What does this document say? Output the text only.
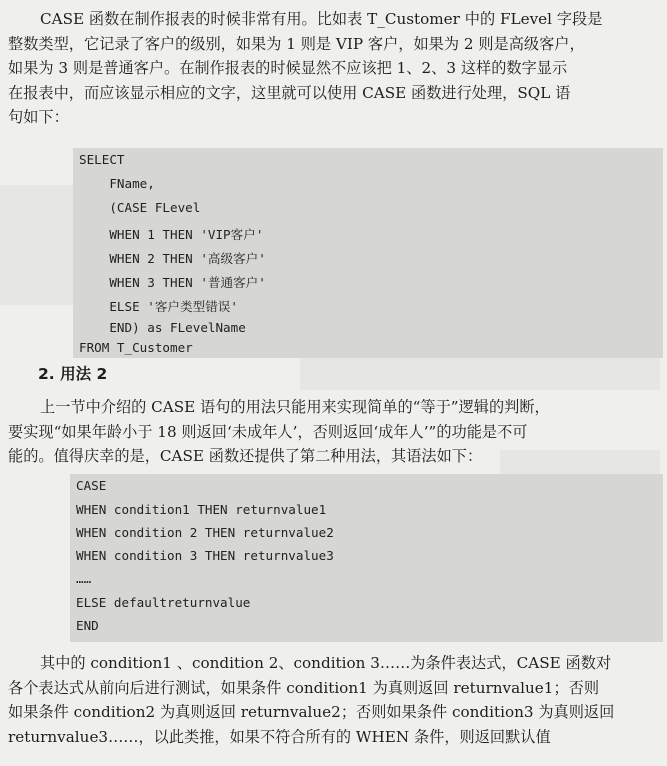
CASE 函数在制作报表的时候非常有用。比如表 T_Customer 中的 FLevel 字段是
整数类型，它记录了客户的级别，如果为 1 则是 VIP 客户，如果为 2 则是高级客户，
如果为 3 则是普通客户。在制作报表的时候显然不应该把 1、2、3 这样的数字显示
在报表中，而应该显示相应的文字，这里就可以使用 CASE 函数进行处理，SQL 语
句如下：
SELECT
FName,
(CASE FLevel
WHEN 1 THEN 'VIP客户'
WHEN 2 THEN '高级客户'
WHEN 3 THEN '普通客户'
ELSE '客户类型错误'
END) as FLevelName
FROM T_Customer
2. 用法 2
上一节中介绍的 CASE 语句的用法只能用来实现简单的“等于”逻辑的判断，
要实现“如果年龄小于 18 则返回‘未成年人’，否则返回‘成年人’”的功能是不可
能的。值得庆幸的是，CASE 函数还提供了第二种用法，其语法如下：
CASE
WHEN condition1 THEN returnvalue1
WHEN condition 2 THEN returnvalue2
WHEN condition 3 THEN returnvalue3
……
ELSE defaultreturnvalue
END
其中的 condition1 、condition 2、condition 3……为条件表达式，CASE 函数对
各个表达式从前向后进行测试，如果条件 condition1 为真则返回 returnvalue1；否则
如果条件 condition2 为真则返回 returnvalue2；否则如果条件 condition3 为真则返回
returnvalue3……，以此类推，如果不符合所有的 WHEN 条件，则返回默认值
